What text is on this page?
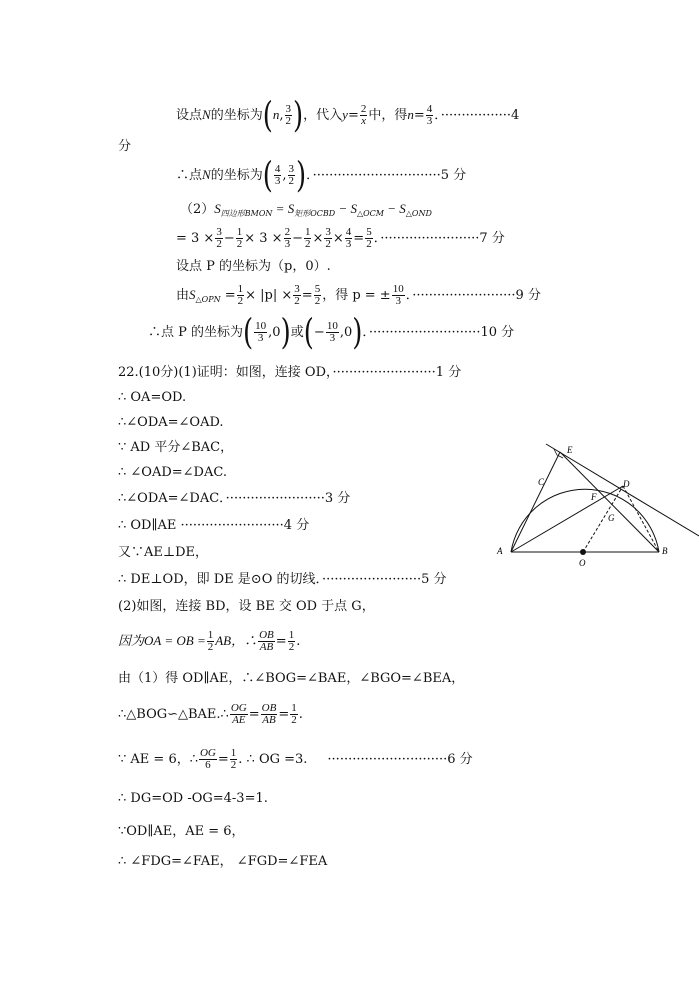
设点N的坐标为(n, $\frac{3}{2}$ )，代入$y= \frac{2}{x}$ 中，得$n= \frac{4}{3}$ ．·················4
分
∴点N的坐标为( $\frac{4}{3}$ , $\frac{3}{2}$ )．·······························5 分
$(2)S_{四边形BMON} = S_{矩形OCBD} - S_{\triangle OCM} - S_{\triangle OND}$
= $3 \times \frac{3}{2} - \frac{1}{2} \times 3 \times \frac{2}{3} - \frac{1}{2} \times \frac{3}{2} \times \frac{4}{3} = \frac{5}{2}$ ．························7 分
设点 P 的坐标为（p，0）.
由$S_{\triangle OPN} = \frac{1}{2} \times |p| \times \frac{3}{2} = \frac{5}{2}$ ，得 p = ± $\frac{10}{3}$ ．·························9 分
∴点 P 的坐标为( $\frac{10}{3} ,0$)或(− $\frac{10}{3} ,0$)．···························10 分
22.(10分)(1)证明：如图，连接 OD，·························1 分
∴ OA=OD.
∴∠ODA=∠OAD.
∵ AD 平分∠BAC，
∴ ∠OAD=∠DAC.
∴∠ODA=∠DAC．························3 分
∴ OD∥AE ·························4 分
又∵AE⊥DE，
∴ DE⊥OD，即 DE 是⊙O 的切线．························5 分
(2)如图，连接 BD，设 BE 交 OD 于点 G，
因为OA = OB = $\frac{1}{2}$ AB，∴ $\frac{OB}{AB} = \frac{1}{2}$ .
由（1）得 OD∥AE，∴∠BOG=∠BAE，∠BGO=∠BEA，
∴△BOG∽△BAE.∴ $\frac{OG}{AE} = \frac{OB}{AB} = \frac{1}{2}$ .
∵ AE = 6，∴ $\frac{OG}{6} = \frac{1}{2}$ . ∴ OG =3. ·····························6 分
∴ DG=OD -OG=4-3=1.
∵OD∥AE，AE = 6，
∴ ∠FDG=∠FAE， ∠FGD=∠FEA
E
C	D
F
G
A
O
B
